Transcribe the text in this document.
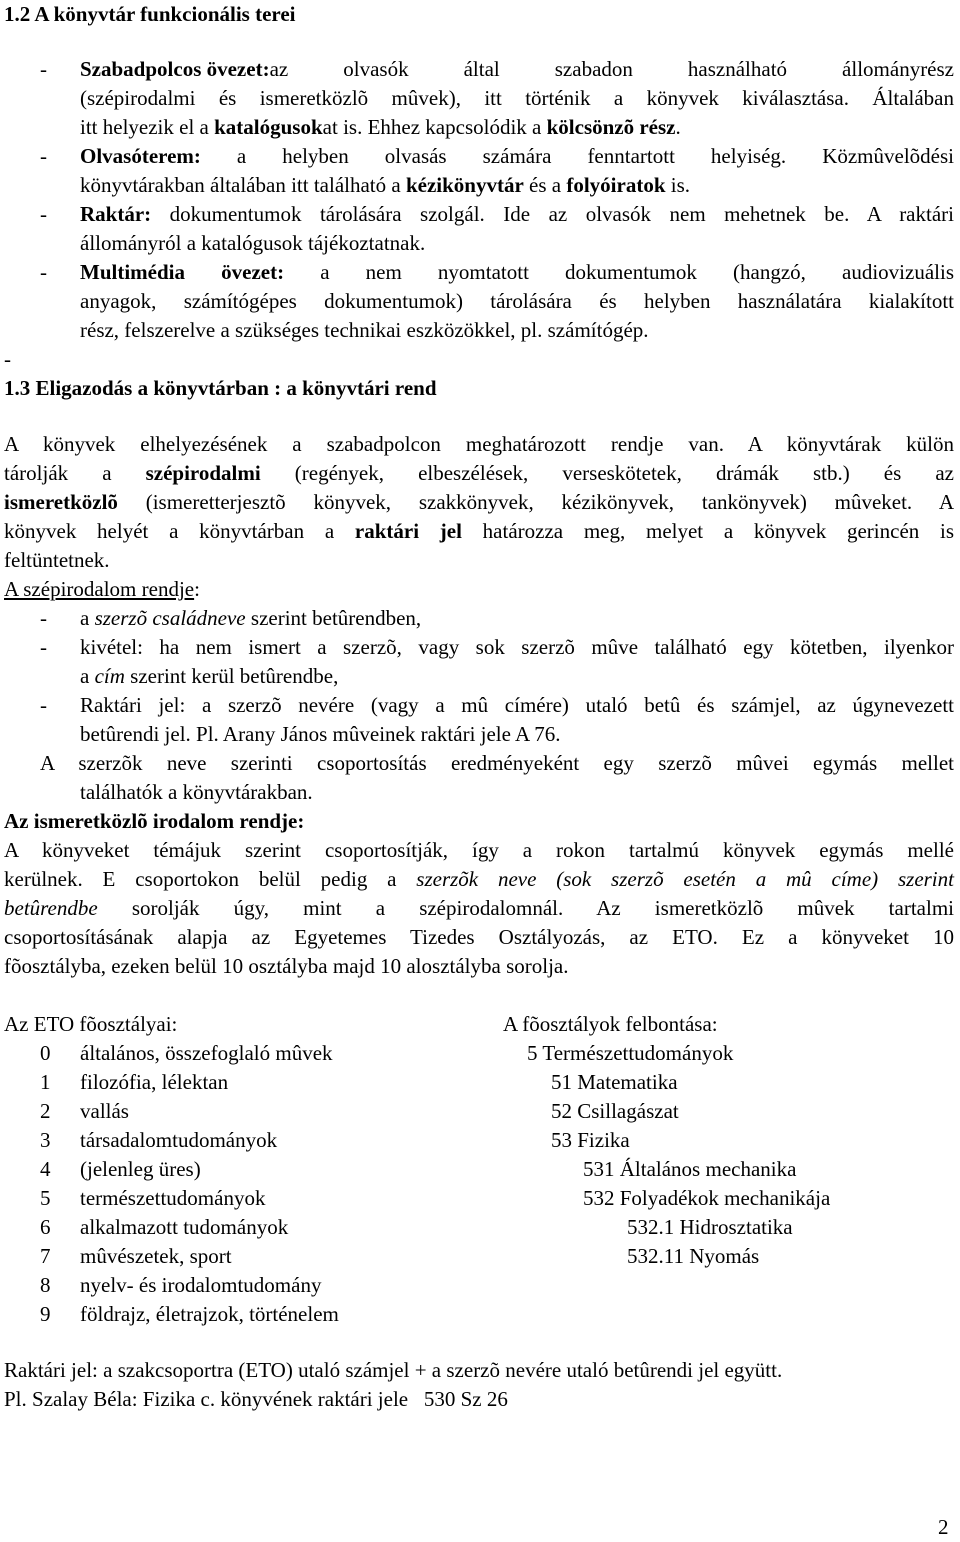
1.2 A könyvtár funkcionális terei
- Szabadpolcos övezet: az olvasók által szabadon használható állományrész
(szépirodalmi és ismeretközlõ mûvek), itt történik a könyvek kiválasztása. Általában
itt helyezik el a katalógusokat is. Ehhez kapcsolódik a kölcsönzõ rész.
- Olvasóterem: a helyben olvasás számára fenntartott helyiség. Közmûvelõdési
könyvtárakban általában itt található a kézikönyvtár és a folyóiratok is.
- Raktár: dokumentumok tárolására szolgál. Ide az olvasók nem mehetnek be. A raktári
állományról a katalógusok tájékoztatnak.
- Multimédia övezet: a nem nyomtatott dokumentumok (hangzó, audiovizuális
anyagok, számítógépes dokumentumok) tárolására és helyben használatára kialakított
rész, felszerelve a szükséges technikai eszközökkel, pl. számítógép.
-
1.3 Eligazodás a könyvtárban : a könyvtári rend
A könyvek elhelyezésének a szabadpolcon meghatározott rendje van. A könyvtárak külön
tárolják a szépirodalmi (regények, elbeszélések, verseskötetek, drámák stb.) és az
ismeretközlõ (ismeretterjesztõ könyvek, szakkönyvek, kézikönyvek, tankönyvek) mûveket. A
könyvek helyét a könyvtárban a raktári jel határozza meg, melyet a könyvek gerincén is
feltüntetnek.
A szépirodalom rendje:
- a szerzõ családneve szerint betûrendben,
- kivétel: ha nem ismert a szerzõ, vagy sok szerzõ mûve található egy kötetben, ilyenkor
a cím szerint kerül betûrendbe,
- Raktári jel: a szerzõ nevére (vagy a mû címére) utaló betû és számjel, az úgynevezett
betûrendi jel. Pl. Arany János mûveinek raktári jele A 76.
A szerzõk neve szerinti csoportosítás eredményeként egy szerzõ mûvei egymás mellet
találhatók a könyvtárakban.
Az ismeretközlõ irodalom rendje:
A könyveket témájuk szerint csoportosítják, így a rokon tartalmú könyvek egymás mellé
kerülnek. E csoportokon belül pedig a szerzõk neve (sok szerzõ esetén a mû címe) szerint
betûrendbe sorolják úgy, mint a szépirodalomnál. Az ismeretközlõ mûvek tartalmi
csoportosításának alapja az Egyetemes Tizedes Osztályozás, az ETO. Ez a könyveket 10
fõosztályba, ezeken belül 10 osztályba majd 10 alosztályba sorolja.
Az ETO fõosztályai:
0 általános, összefoglaló mûvek
1 filozófia, lélektan
2 vallás
3 társadalomtudományok
4 (jelenleg üres)
5 természettudományok
6 alkalmazott tudományok
7 mûvészetek, sport
8 nyelv- és irodalomtudomány
9 földrajz, életrajzok, történelem
A fõosztályok felbontása:
5 Természettudományok
51 Matematika
52 Csillagászat
53 Fizika
531 Általános mechanika
532 Folyadékok mechanikája
532.1 Hidrosztatika
532.11 Nyomás
Raktári jel: a szakcsoportra (ETO) utaló számjel + a szerzõ nevére utaló betûrendi jel együtt.
Pl. Szalay Béla: Fizika c. könyvének raktári jele   530 Sz 26
2
